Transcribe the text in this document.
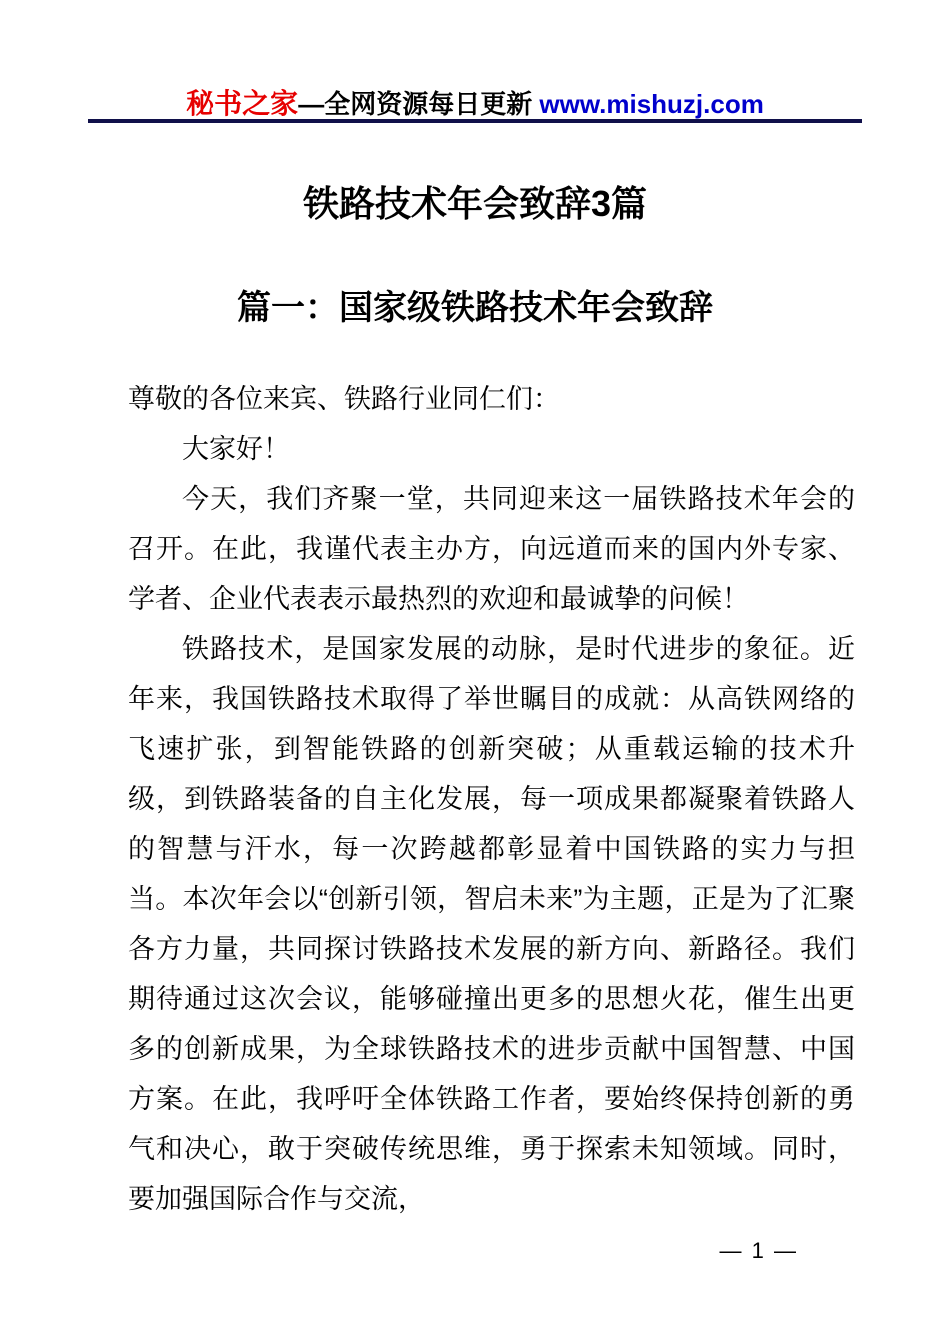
秘书之家—全网资源每日更新 www.mishuzj.com
铁路技术年会致辞3篇
篇一：国家级铁路技术年会致辞

尊敬的各位来宾、铁路行业同仁们：

大家好！

今天，我们齐聚一堂，共同迎来这一届铁路技术年会的召开。在此，我谨代表主办方，向远道而来的国内外专家、学者、企业代表表示最热烈的欢迎和最诚挚的问候！

铁路技术，是国家发展的动脉，是时代进步的象征。近年来，我国铁路技术取得了举世瞩目的成就：从高铁网络的飞速扩张，到智能铁路的创新突破；从重载运输的技术升级，到铁路装备的自主化发展，每一项成果都凝聚着铁路人的智慧与汗水，每一次跨越都彰显着中国铁路的实力与担当。本次年会以“创新引领，智启未来”为主题，正是为了汇聚各方力量，共同探讨铁路技术发展的新方向、新路径。我们期待通过这次会议，能够碰撞出更多的思想火花，催生出更多的创新成果，为全球铁路技术的进步贡献中国智慧、中国方案。在此，我呼吁全体铁路工作者，要始终保持创新的勇气和决心，敢于突破传统思维，勇于探索未知领域。同时，要加强国际合作与交流，

— 1 —
